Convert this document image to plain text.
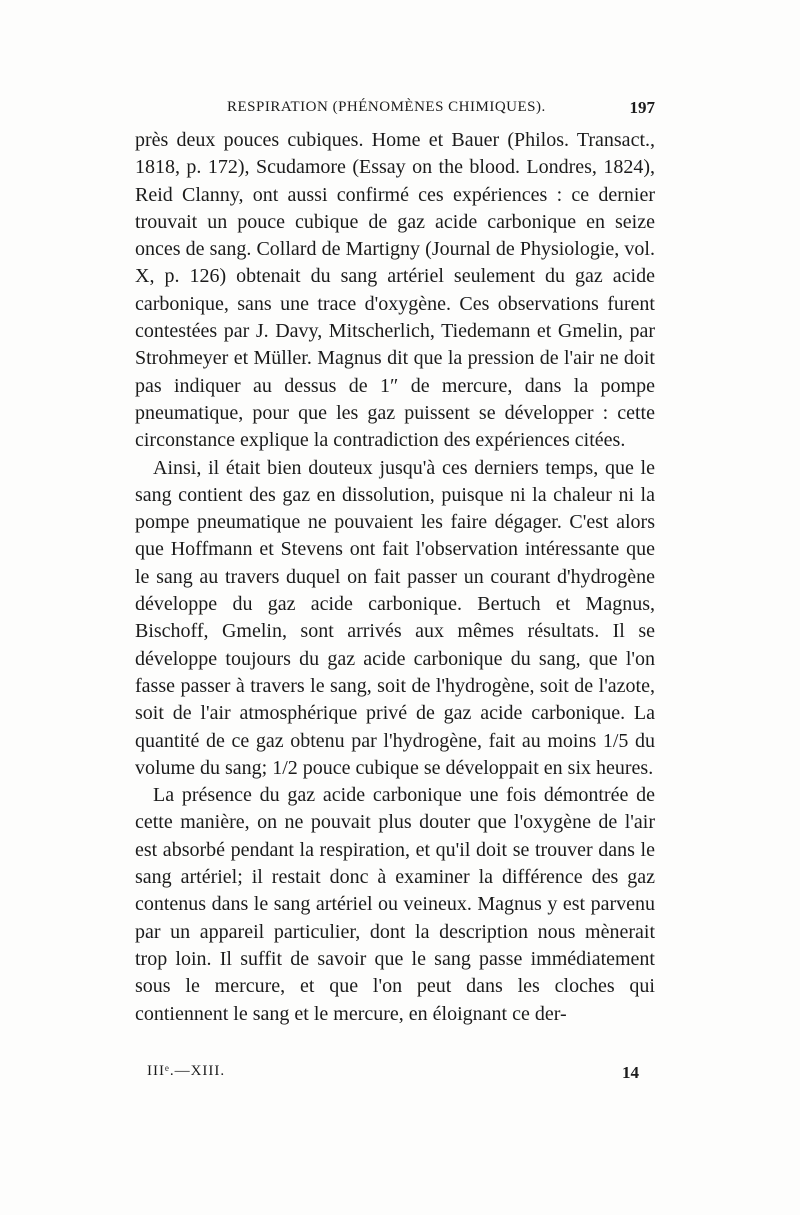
RESPIRATION (PHÉNOMÈNES CHIMIQUES).	197

près deux pouces cubiques. Home et Bauer (Philos. Transact., 1818, p. 172), Scudamore (Essay on the blood. Londres, 1824), Reid Clanny, ont aussi confirmé ces expériences : ce dernier trouvait un pouce cubique de gaz acide carbonique en seize onces de sang. Collard de Martigny (Journal de Physiologie, vol. X, p. 126) obtenait du sang artériel seulement du gaz acide carbonique, sans une trace d'oxygène. Ces observations furent contestées par J. Davy, Mitscherlich, Tiedemann et Gmelin, par Strohmeyer et Müller. Magnus dit que la pression de l'air ne doit pas indiquer au dessus de 1″ de mercure, dans la pompe pneumatique, pour que les gaz puissent se développer : cette circonstance explique la contradiction des expériences citées.

Ainsi, il était bien douteux jusqu'à ces derniers temps, que le sang contient des gaz en dissolution, puisque ni la chaleur ni la pompe pneumatique ne pouvaient les faire dégager. C'est alors que Hoffmann et Stevens ont fait l'observation intéressante que le sang au travers duquel on fait passer un courant d'hydrogène développe du gaz acide carbonique. Bertuch et Magnus, Bischoff, Gmelin, sont arrivés aux mêmes résultats. Il se développe toujours du gaz acide carbonique du sang, que l'on fasse passer à travers le sang, soit de l'hydrogène, soit de l'azote, soit de l'air atmosphérique privé de gaz acide carbonique. La quantité de ce gaz obtenu par l'hydrogène, fait au moins 1/5 du volume du sang; 1/2 pouce cubique se développait en six heures.

La présence du gaz acide carbonique une fois démontrée de cette manière, on ne pouvait plus douter que l'oxygène de l'air est absorbé pendant la respiration, et qu'il doit se trouver dans le sang artériel; il restait donc à examiner la différence des gaz contenus dans le sang artériel ou veineux. Magnus y est parvenu par un appareil particulier, dont la description nous mènerait trop loin. Il suffit de savoir que le sang passe immédiatement sous le mercure, et que l'on peut dans les cloches qui contiennent le sang et le mercure, en éloignant ce der-

IIIᵉ.—XIII.	14
